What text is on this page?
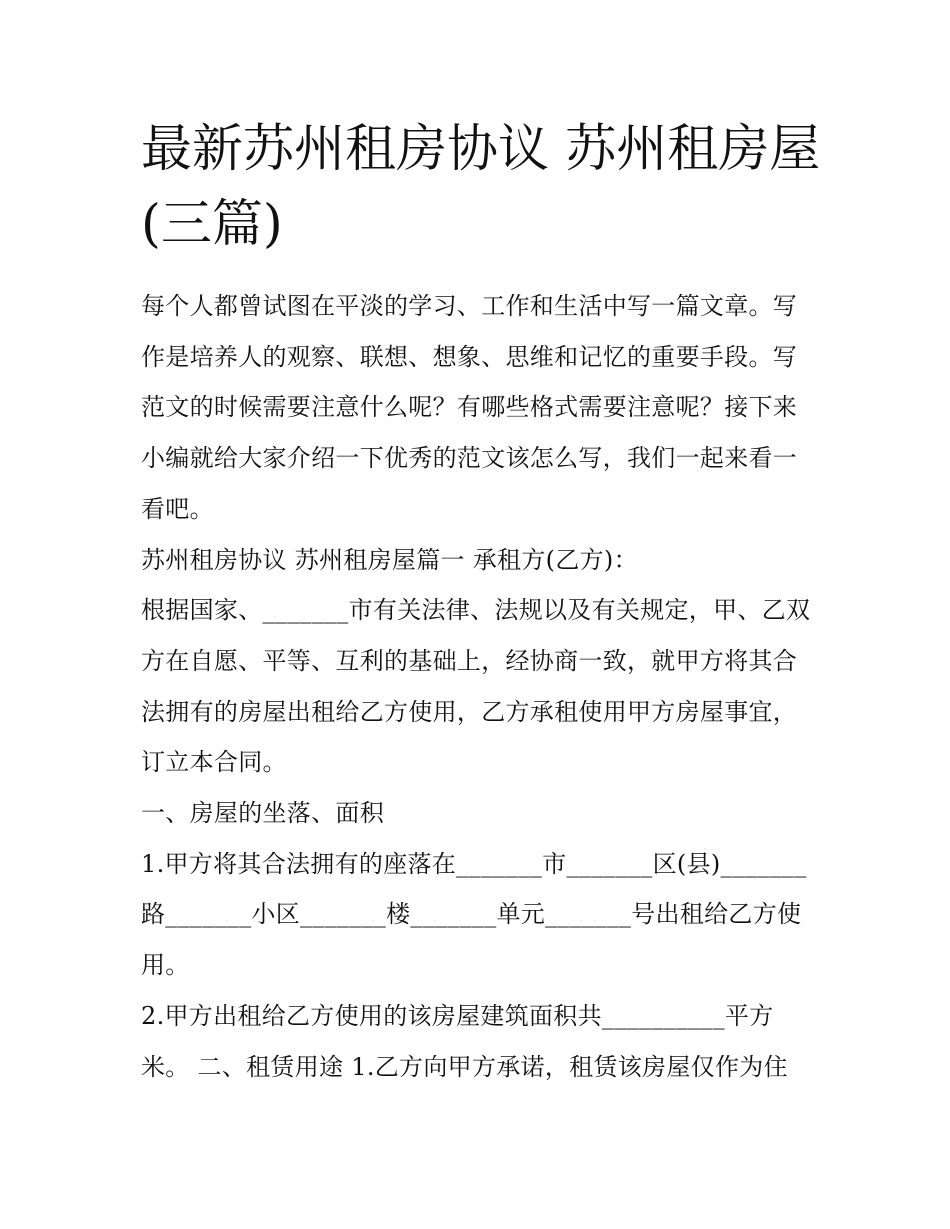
最新苏州租房协议 苏州租房屋
(三篇)

每个人都曾试图在平淡的学习、工作和生活中写一篇文章。写作是培养人的观察、联想、想象、思维和记忆的重要手段。写范文的时候需要注意什么呢？有哪些格式需要注意呢？接下来小编就给大家介绍一下优秀的范文该怎么写，我们一起来看一看吧。

苏州租房协议 苏州租房屋篇一 承租方(乙方)：

根据国家、_______市有关法律、法规以及有关规定，甲、乙双方在自愿、平等、互利的基础上，经协商一致，就甲方将其合法拥有的房屋出租给乙方使用，乙方承租使用甲方房屋事宜，订立本合同。

一、房屋的坐落、面积

1.甲方将其合法拥有的座落在_______市_______区(县)_______路_______小区_______楼_______单元_______号出租给乙方使用。

2.甲方出租给乙方使用的该房屋建筑面积共__________平方米。 二、租赁用途 1.乙方向甲方承诺，租赁该房屋仅作为住
